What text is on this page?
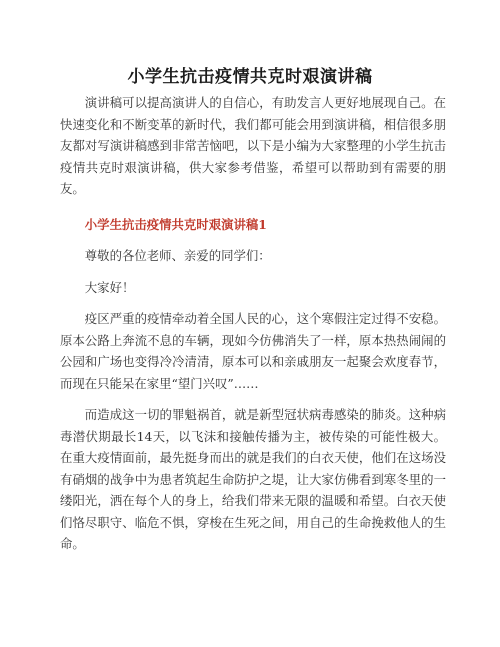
小学生抗击疫情共克时艰演讲稿

演讲稿可以提高演讲人的自信心，有助发言人更好地展现自己。在快速变化和不断变革的新时代，我们都可能会用到演讲稿，相信很多朋友都对写演讲稿感到非常苦恼吧，以下是小编为大家整理的小学生抗击疫情共克时艰演讲稿，供大家参考借鉴，希望可以帮助到有需要的朋友。

小学生抗击疫情共克时艰演讲稿1

尊敬的各位老师、亲爱的同学们：

大家好！

疫区严重的疫情牵动着全国人民的心，这个寒假注定过得不安稳。原本公路上奔流不息的车辆，现如今仿佛消失了一样，原本热热闹闹的公园和广场也变得冷冷清清，原本可以和亲戚朋友一起聚会欢度春节，而现在只能呆在家里“望门兴叹”……

而造成这一切的罪魁祸首，就是新型冠状病毒感染的肺炎。这种病毒潜伏期最长14天，以飞沫和接触传播为主，被传染的可能性极大。在重大疫情面前，最先挺身而出的就是我们的白衣天使，他们在这场没有硝烟的战争中为患者筑起生命防护之堤，让大家仿佛看到寒冬里的一缕阳光，洒在每个人的身上，给我们带来无限的温暖和希望。白衣天使们恪尽职守、临危不惧，穿梭在生死之间，用自己的生命挽救他人的生命。
